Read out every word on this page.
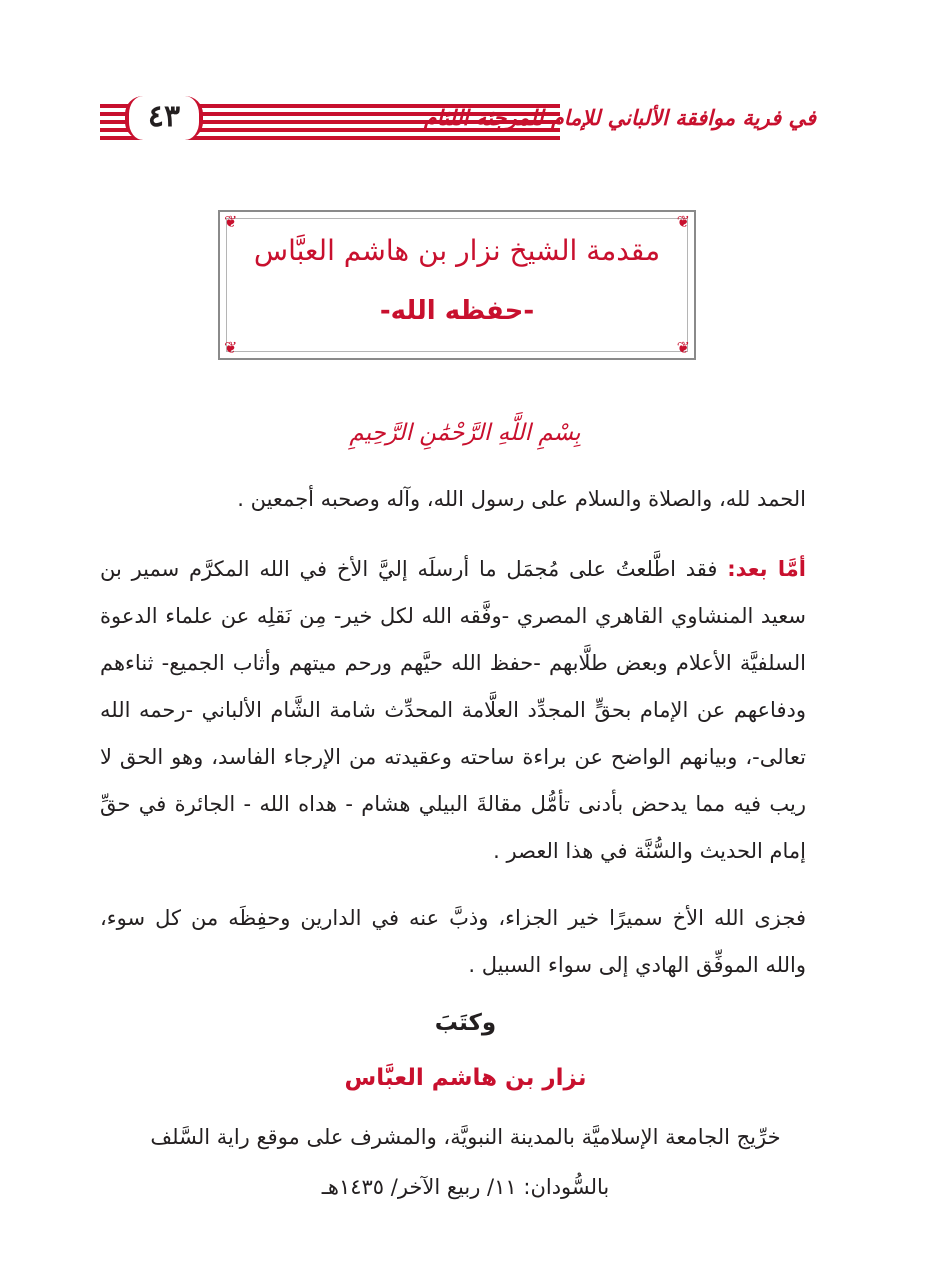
٤٣	في فرية موافقة الألباني للإمام للمرجئة اللئام
❦	❦
❦	❦
مقدمة الشيخ نزار بن هاشم العبَّاس
-حفظه الله-
بِسْمِ اللَّهِ الرَّحْمَٰنِ الرَّحِيمِ
الحمد لله، والصلاة والسلام على رسول الله، وآله وصحبه أجمعين .
أمَّا بعد: فقد اطَّلعتُ على مُجمَل ما أرسلَه إليَّ الأخ في الله المكرَّم سمير بن سعيد المنشاوي القاهري المصري -وفَّقه الله لكل خير- مِن نَقلِه عن علماء الدعوة السلفيَّة الأعلام وبعض طلَّابهم -حفظ الله حيَّهم ورحم ميتهم وأثاب الجميع- ثناءهم ودفاعهم عن الإمام بحقٍّ المجدِّد العلَّامة المحدِّث شامة الشَّام الألباني -رحمه الله تعالى-، وبيانهم الواضح عن براءة ساحته وعقيدته من الإرجاء الفاسد، وهو الحق لا ريب فيه مما يدحض بأدنى تأمُّل مقالةَ البيلي هشام - هداه الله - الجائرة في حقِّ إمام الحديث والسُّنَّة في هذا العصر .
فجزى الله الأخ سميرًا خير الجزاء، وذبَّ عنه في الدارين وحفِظَه من كل سوء، والله الموفِّق الهادي إلى سواء السبيل .
وكتَبَ
نزار بن هاشم العبَّاس
خرِّيج الجامعة الإسلاميَّة بالمدينة النبويَّة، والمشرف على موقع راية السَّلف
بالسُّودان: ١١/ ربيع الآخر/ ١٤٣٥هـ
